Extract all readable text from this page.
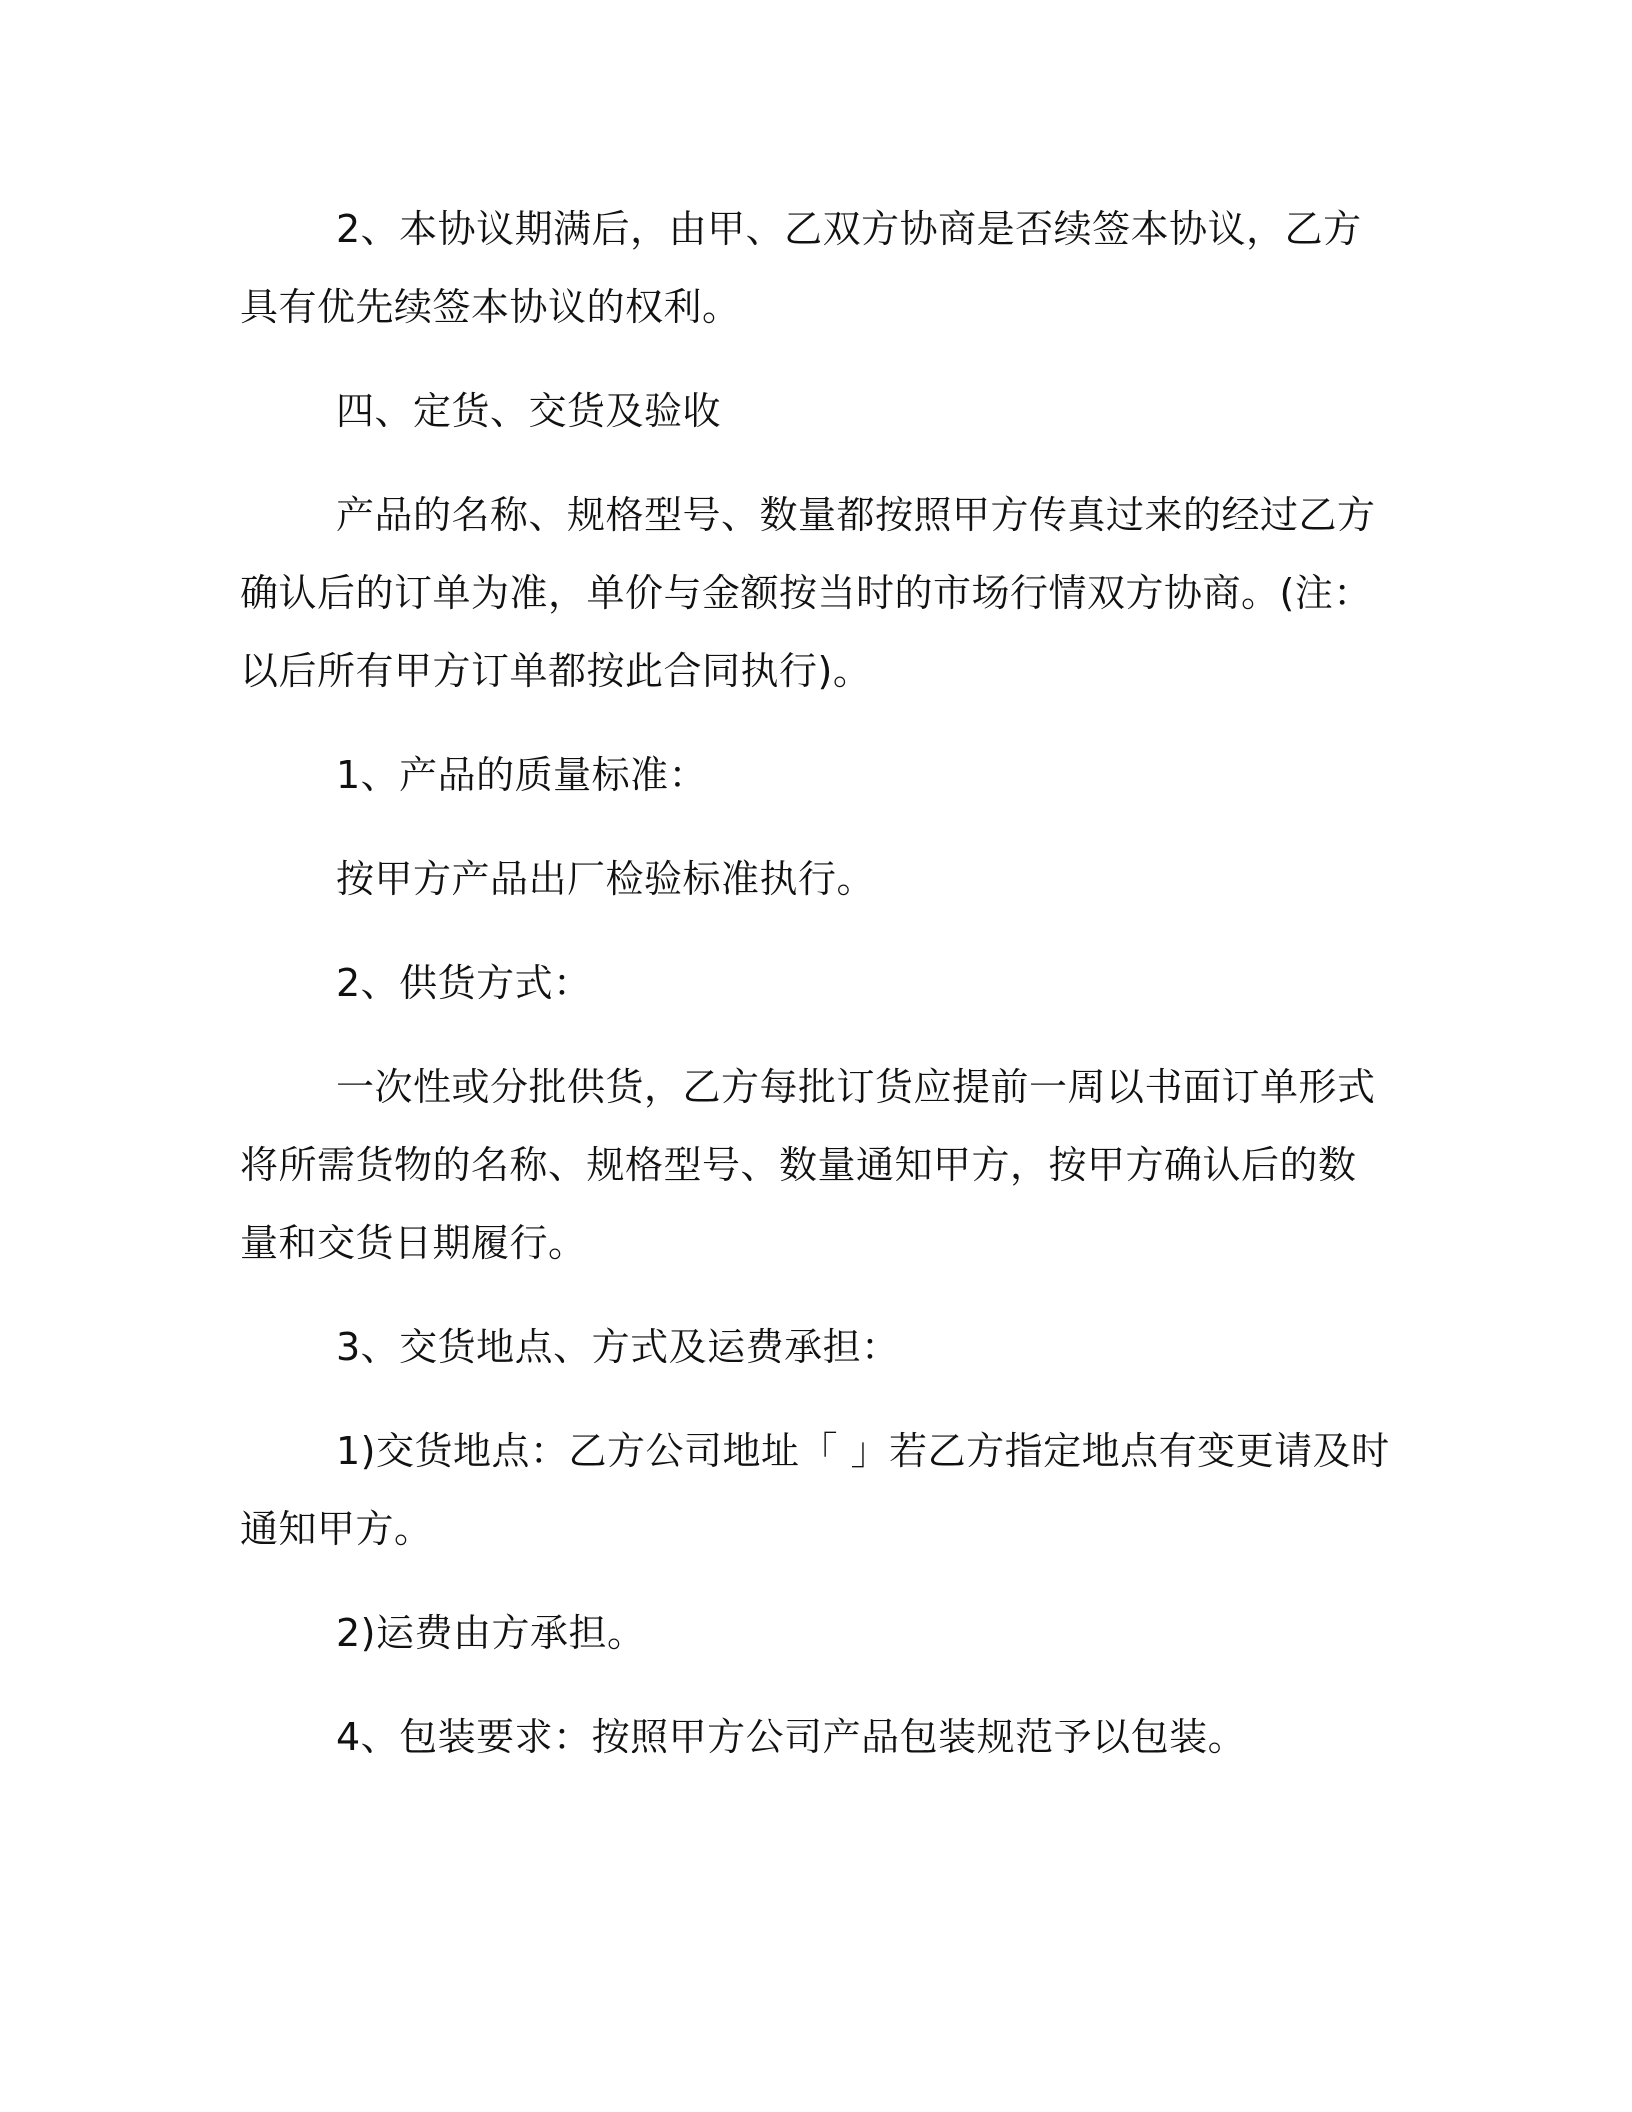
2、本协议期满后，由甲、乙双方协商是否续签本协议，乙方具有优先续签本协议的权利。

四、定货、交货及验收

产品的名称、规格型号、数量都按照甲方传真过来的经过乙方确认后的订单为准，单价与金额按当时的市场行情双方协商。(注：以后所有甲方订单都按此合同执行)。

1、产品的质量标准：

按甲方产品出厂检验标准执行。

2、供货方式：

一次性或分批供货，乙方每批订货应提前一周以书面订单形式将所需货物的名称、规格型号、数量通知甲方，按甲方确认后的数量和交货日期履行。

3、交货地点、方式及运费承担：

1)交货地点：乙方公司地址「 」若乙方指定地点有变更请及时通知甲方。

2)运费由方承担。

4、包装要求：按照甲方公司产品包装规范予以包装。
